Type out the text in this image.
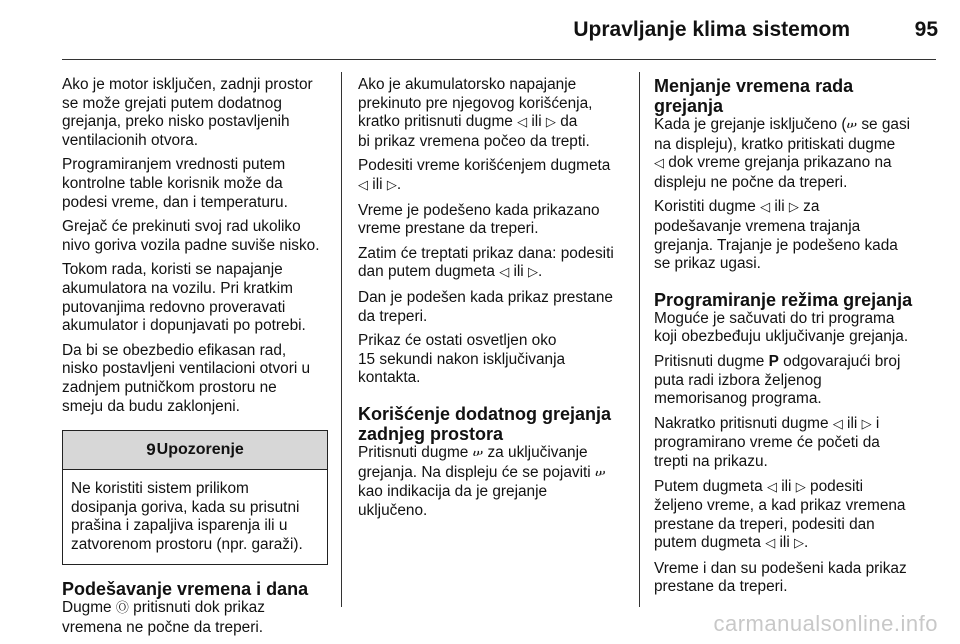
Upravljanje klima sistemom	95

Ako je motor isključen, zadnji prostor
se može grejati putem dodatnog
grejanja, preko nisko postavljenih
ventilacionih otvora.

Programiranjem vrednosti putem
kontrolne table korisnik može da
podesi vreme, dan i temperaturu.

Grejač će prekinuti svoj rad ukoliko
nivo goriva vozila padne suviše nisko.

Tokom rada, koristi se napajanje
akumulatora na vozilu. Pri kratkim
putovanjima redovno proveravati
akumulator i dopunjavati po potrebi.

Da bi se obezbedio efikasan rad,
nisko postavljeni ventilacioni otvori u
zadnjem putničkom prostoru ne
smeju da budu zaklonjeni.

9 Upozorenje

Ne koristiti sistem prilikom
dosipanja goriva, kada su prisutni
prašina i zapaljiva isparenja ili u
zatvorenom prostoru (npr. garaži).

Podešavanje vremena i dana

Dugme Ⓞ pritisnuti dok prikaz
vremena ne počne da treperi.

Ako je akumulatorsko napajanje
prekinuto pre njegovog korišćenja,
kratko pritisnuti dugme ◁ ili ▷ da
bi prikaz vremena počeo da trepti.

Podesiti vreme korišćenjem dugmeta
◁ ili ▷.

Vreme je podešeno kada prikazano
vreme prestane da treperi.

Zatim će treptati prikaz dana: podesiti
dan putem dugmeta ◁ ili ▷.

Dan je podešen kada prikaz prestane
da treperi.

Prikaz će ostati osvetljen oko
15 sekundi nakon isključivanja
kontakta.

Korišćenje dodatnog grejanja
zadnjeg prostora

Pritisnuti dugme ሠ za uključivanje
grejanja. Na displeju će se pojaviti ሠ
kao indikacija da je grejanje
uključeno.

Menjanje vremena rada
grejanja

Kada je grejanje isključeno (ሠ se gasi
na displeju), kratko pritiskati dugme
◁ dok vreme grejanja prikazano na
displeju ne počne da treperi.

Koristiti dugme ◁ ili ▷ za
podešavanje vremena trajanja
grejanja. Trajanje je podešeno kada
se prikaz ugasi.

Programiranje režima grejanja

Moguće je sačuvati do tri programa
koji obezbeđuju uključivanje grejanja.

Pritisnuti dugme P odgovarajući broj
puta radi izbora željenog
memorisanog programa.

Nakratko pritisnuti dugme ◁ ili ▷ i
programirano vreme će početi da
trepti na prikazu.

Putem dugmeta ◁ ili ▷ podesiti
željeno vreme, a kad prikaz vremena
prestane da treperi, podesiti dan
putem dugmeta ◁ ili ▷.

Vreme i dan su podešeni kada prikaz
prestane da treperi.

carmanualsonline.info
